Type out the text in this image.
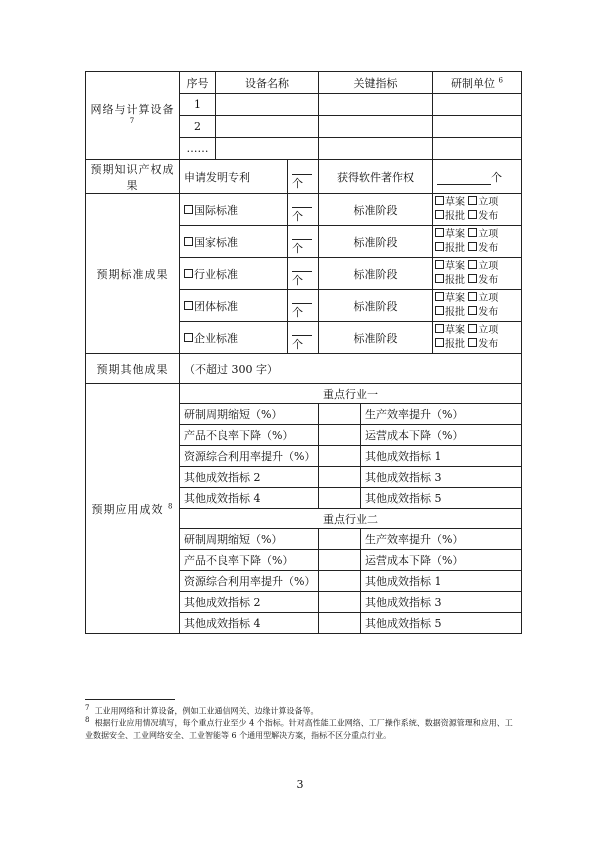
网络与计算设备$^7$	序号	设备名称		关键指标		研制单位 $^6$
	1						
	2						
	……						
预期知识产权成果	申请发明专利		个	获得软件著作权		个	
预期标准成果	国际标准		个	标准阶段		草案 立项
报批 发布	

	国家标准		个	标准阶段		草案 立项
报批 发布	

	行业标准		个	标准阶段		草案 立项
报批 发布	

	团体标准		个	标准阶段		草案 立项
报批 发布	

	企业标准		个	标准阶段		草案 立项
报批 发布	

预期其他成果	（不超过 300 字）						
预期应用成效 $^8$	重点行业一						
	研制周期缩短（%）				生产效率提升（%）		
	产品不良率下降（%）				运营成本下降（%）		
	资源综合利用率提升（%）				其他成效指标 1		
	其他成效指标 2				其他成效指标 3		
	其他成效指标 4				其他成效指标 5		
	重点行业二						
	研制周期缩短（%）				生产效率提升（%）		
	产品不良率下降（%）				运营成本下降（%）		
	资源综合利用率提升（%）				其他成效指标 1		
	其他成效指标 2				其他成效指标 3		
	其他成效指标 4				其他成效指标 5		
$^7$ 工业用网络和计算设备，例如工业通信网关、边缘计算设备等。
$^8$ 根据行业应用情况填写，每个重点行业至少 4 个指标。针对高性能工业网络、工厂操作系统、数据资源管理和应用、工业数据安全、工业网络安全、工业智能等 6 个通用型解决方案，指标不区分重点行业。
3
